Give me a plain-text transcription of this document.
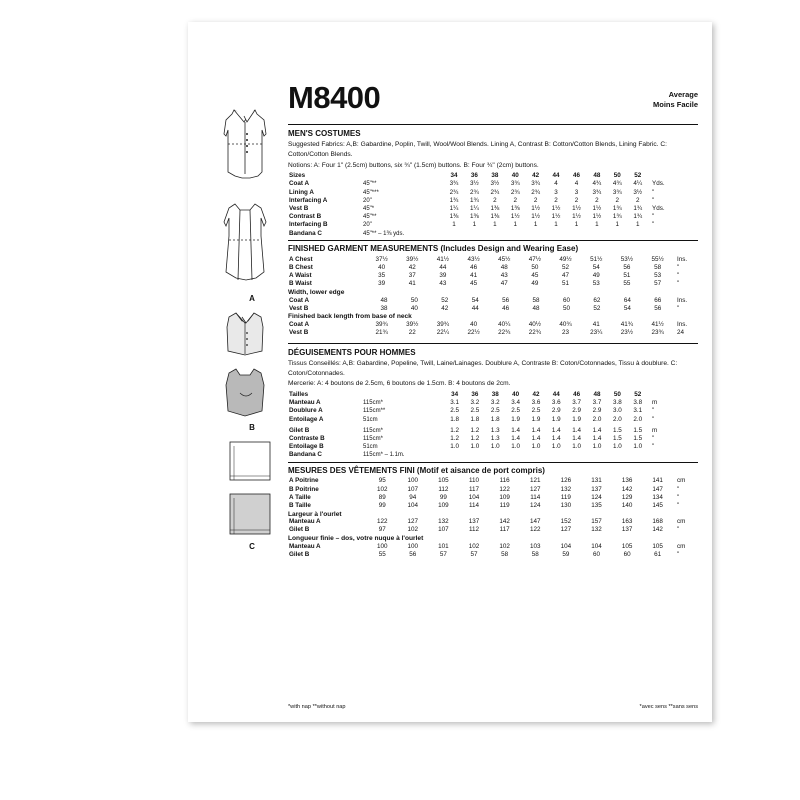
A
B
C
M8400	Average
Moins Facile
MEN'S COSTUMES
Suggested Fabrics: A,B: Gabardine, Poplin, Twill, Wool/Wool Blends. Lining A, Contrast B: Cotton/Cotton Blends, Lining Fabric. C: Cotton/Cotton Blends.
Notions: A: Four 1" (2.5cm) buttons, six ¾" (1.5cm) buttons. B: Four ¾" (2cm) buttons.
Sizes		34	36	38	40	42	44	46	48	50	52		
Coat A	45"**	3¾	3½	3½	3¾	3¾	4	4	4¾	4¾	4¼	Yds.	
Lining A	45"***	2¾	2¾	2¾	2¾	2¾	3	3	3¾	3¾	3½	"	
Interfacing A	20"	1¾	1¾	2	2	2	2	2	2	2	2	"	
Vest B	45"*	1¼	1¼	1⅜	1⅜	1½	1½	1½	1½	1¾	1¾	Yds.	
Contrast B	45"**	1⅜	1⅜	1⅜	1½	1½	1½	1½	1½	1¾	1¾	"	
Interfacing B	20"	1	1	1	1	1	1	1	1	1	1	"	
Bandana C	45"** – 1⅜ yds.												
FINISHED GARMENT MEASUREMENTS (Includes Design and Wearing Ease)
A Chest		37½	39½	41½	43½	45½	47½	49½	51½	53½	55½	Ins.
B Chest		40	42	44	46	48	50	52	54	56	58	"
A Waist		35	37	39	41	43	45	47	49	51	53	"
B Waist		39	41	43	45	47	49	51	53	55	57	"
Width, lower edge
Coat A		48	50	52	54	56	58	60	62	64	66	Ins.
Vest B		38	40	42	44	46	48	50	52	54	56	"
Finished back length from base of neck
Coat A		39¾	39½	39¾	40	40¼	40½	40¾	41	41¾	41½	Ins.
Vest B		21¾	22	22¼	22½	22¾	22¾	23	23¼	23½	23¾	24
DÉGUISEMENTS POUR HOMMES
Tissus Conseillés: A,B: Gabardine, Popeline, Twill, Laine/Lainages. Doublure A, Contraste B: Coton/Cotonnades, Tissu à doublure. C: Coton/Cotonnades.
Mercerie: A: 4 boutons de 2.5cm, 6 boutons de 1.5cm. B: 4 boutons de 2cm.
Tailles		34	36	38	40	42	44	46	48	50	52		
Manteau A	115cm*	3.1	3.2	3.2	3.4	3.6	3.6	3.7	3.7	3.8	3.8	m	
Doublure A	115cm**	2.5	2.5	2.5	2.5	2.5	2.9	2.9	2.9	3.0	3.1	"	
Entoilage A	51cm	1.8	1.8	1.8	1.9	1.9	1.9	1.9	2.0	2.0	2.0	"	

Gilet B	115cm*	1.2	1.2	1.3	1.4	1.4	1.4	1.4	1.4	1.5	1.5	m	
Contraste B	115cm*	1.2	1.2	1.3	1.4	1.4	1.4	1.4	1.4	1.5	1.5	"	
Entoilage B	51cm	1.0	1.0	1.0	1.0	1.0	1.0	1.0	1.0	1.0	1.0	"	
Bandana C	115cm* – 1.1m.												
MESURES DES VÊTEMENTS FINI (Motif et aisance de port compris)
A Poitrine		95	100	105	110	116	121	126	131	136	141	cm
B Poitrine		102	107	112	117	122	127	132	137	142	147	"
A Taille		89	94	99	104	109	114	119	124	129	134	"
B Taille		99	104	109	114	119	124	130	135	140	145	"
Largeur à l'ourlet
Manteau A		122	127	132	137	142	147	152	157	163	168	cm
Gilet B		97	102	107	112	117	122	127	132	137	142	"
Longueur finie – dos, votre nuque à l'ourlet
Manteau A		100	100	101	102	102	103	104	104	105	105	cm
Gilet B		55	56	57	57	58	58	59	60	60	61	"
*with nap **without nap	*avec sens **sans sens
